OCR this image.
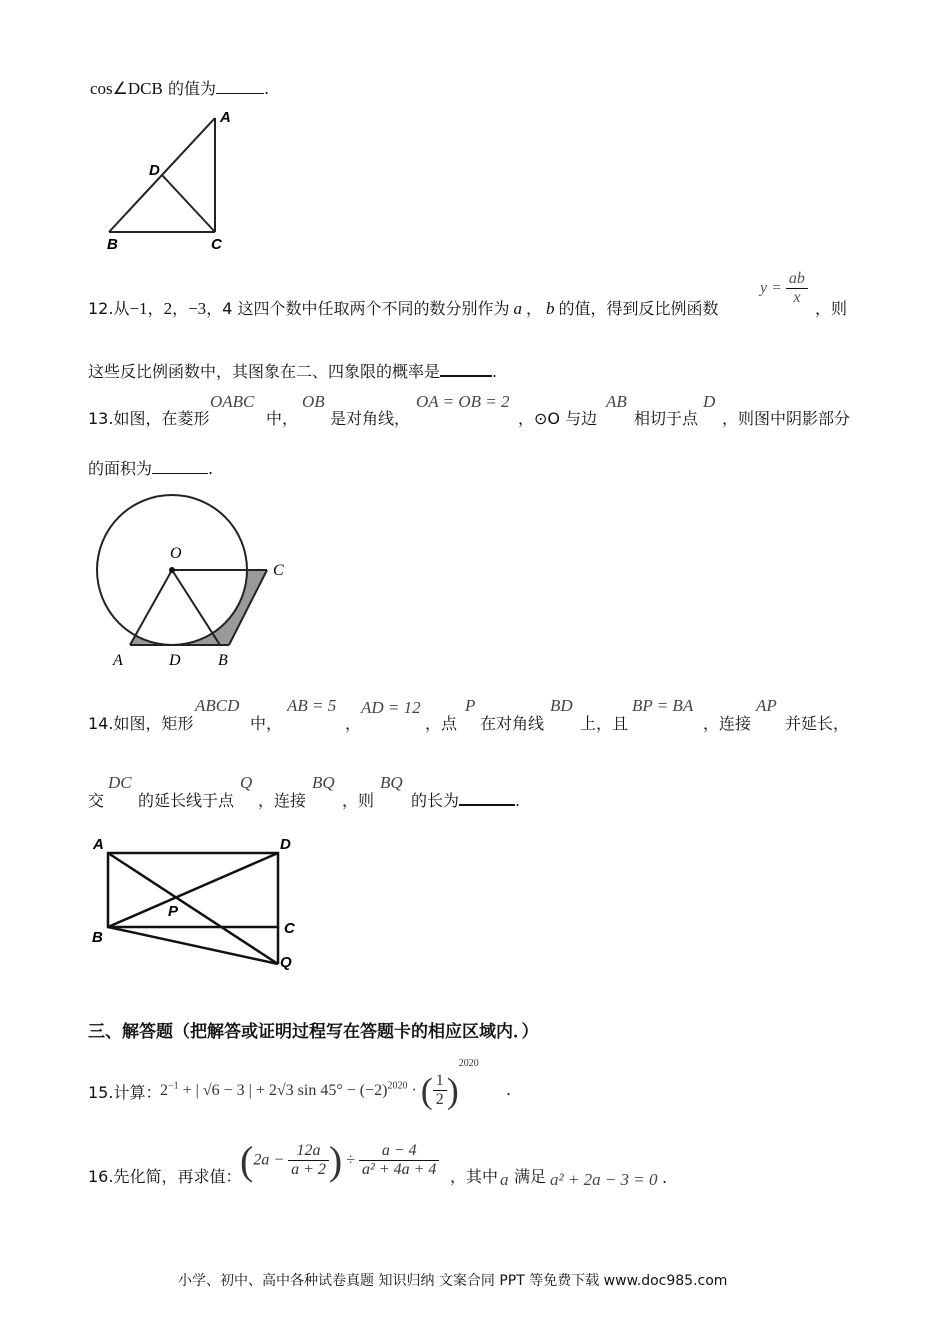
cos∠DCB 的值为	.
A
D
B	C
12.从−1，2，−3，4 这四个数中任取两个不同的数分别作为 a ， b 的值，得到反比例函数
$y = \frac{ab}{x}$
，则
这些反比例函数中，其图象在二、四象限的概率是	.
13.如图，在菱形
OABC
中，
OB
是对角线，
OA = OB = 2
，⊙O 与边
AB
相切于点
D
，则图中阴影部分
的面积为	.
O
C
A	D B
14.如图，矩形
ABCD
中，
AB = 5
，
AD = 12
，点
P
在对角线
BD
上，且
BP = BA
，连接
AP
并延长，
交
DC
的延长线于点
Q
，连接
BQ
，则
BQ
的长为	.
A	D
B
C
P
Q
三、解答题（把解答或证明过程写在答题卡的相应区域内．）
15.计算：
$2^{-1}$ + | √6 − 3 | + 2√3 $\sin 45^\circ - (-2)^{2020}$ · ( $\frac{1}{2} )^{2020}$
.
16.先化简，再求值：
($2a - \frac{12a}{a + 2}$ ) ÷ $\frac{a - 4}{\text{a² + 4a + 4}}$ ，其中 a 满足 a² + 2a − 3 = 0 .
小学、初中、高中各种试卷真题 知识归纳 文案合同 PPT 等免费下载 www.doc985.com
